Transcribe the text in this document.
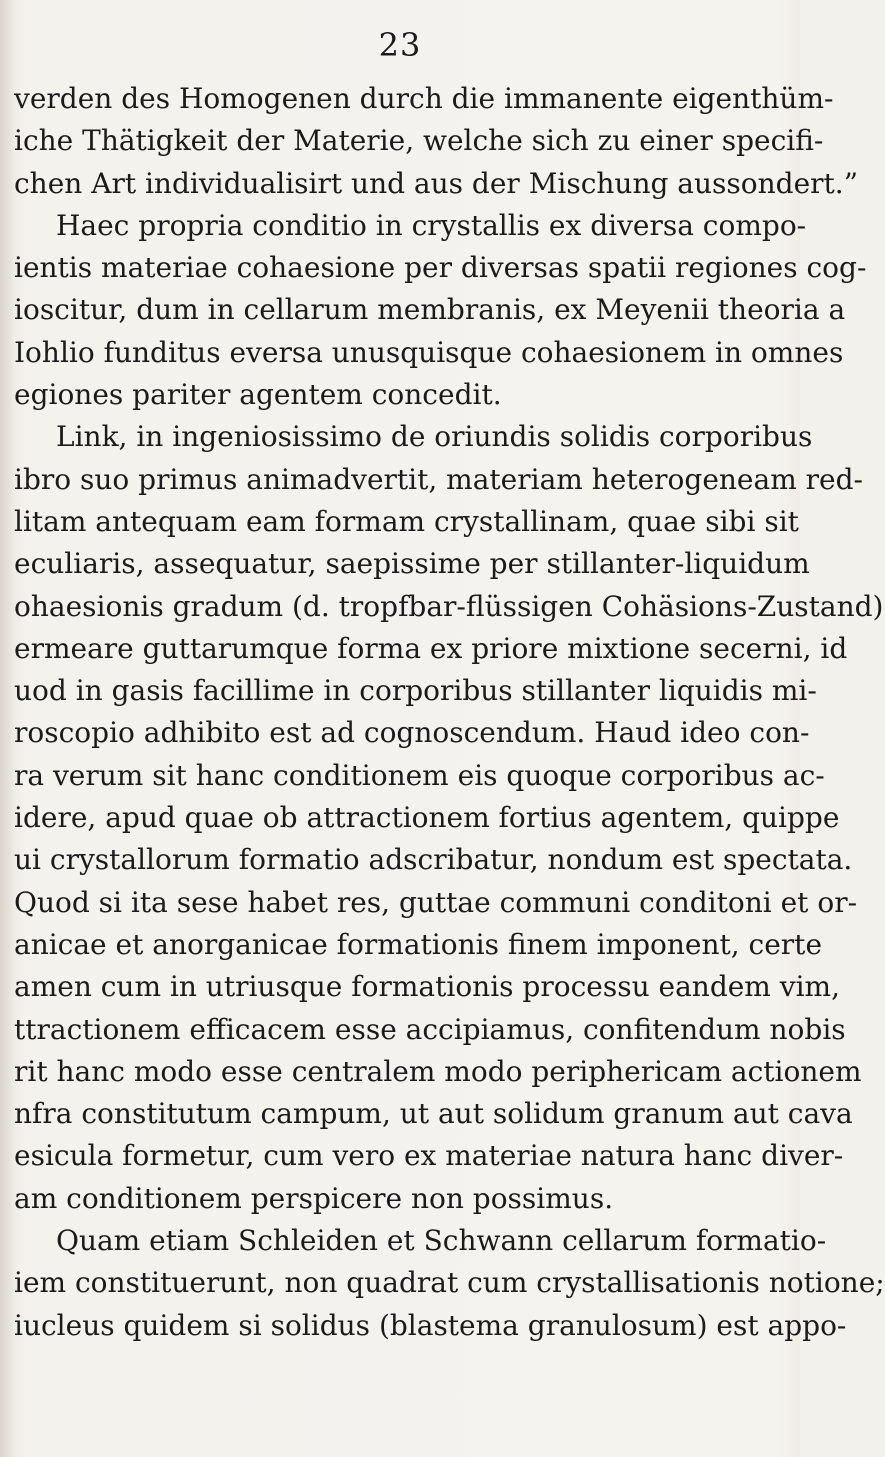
23
verden des Homogenen durch die immanente eigenthüm-
iche Thätigkeit der Materie, welche sich zu einer specifi-
chen Art individualisirt und aus der Mischung aussondert.”
Haec propria conditio in crystallis ex diversa compo-
ientis materiae cohaesione per diversas spatii regiones cog-
ioscitur, dum in cellarum membranis, ex Meyenii theoria a
Iohlio funditus eversa unusquisque cohaesionem in omnes
egiones pariter agentem concedit.
Link, in ingeniosissimo de oriundis solidis corporibus
ibro suo primus animadvertit, materiam heterogeneam red-
litam antequam eam formam crystallinam, quae sibi sit
eculiaris, assequatur, saepissime per stillanter-liquidum
ohaesionis gradum (d. tropfbar-flüssigen Cohäsions-Zustand)
ermeare guttarumque forma ex priore mixtione secerni, id
uod in gasis facillime in corporibus stillanter liquidis mi-
roscopio adhibito est ad cognoscendum. Haud ideo con-
ra verum sit hanc conditionem eis quoque corporibus ac-
idere, apud quae ob attractionem fortius agentem, quippe
ui crystallorum formatio adscribatur, nondum est spectata.
Quod si ita sese habet res, guttae communi conditoni et or-
anicae et anorganicae formationis finem imponent, certe
amen cum in utriusque formationis processu eandem vim,
ttractionem efficacem esse accipiamus, confitendum nobis
rit hanc modo esse centralem modo periphericam actionem
nfra constitutum campum, ut aut solidum granum aut cava
esicula formetur, cum vero ex materiae natura hanc diver-
am conditionem perspicere non possimus.
Quam etiam Schleiden et Schwann cellarum formatio-
iem constituerunt, non quadrat cum crystallisationis notione;
iucleus quidem si solidus (blastema granulosum) est appo-
